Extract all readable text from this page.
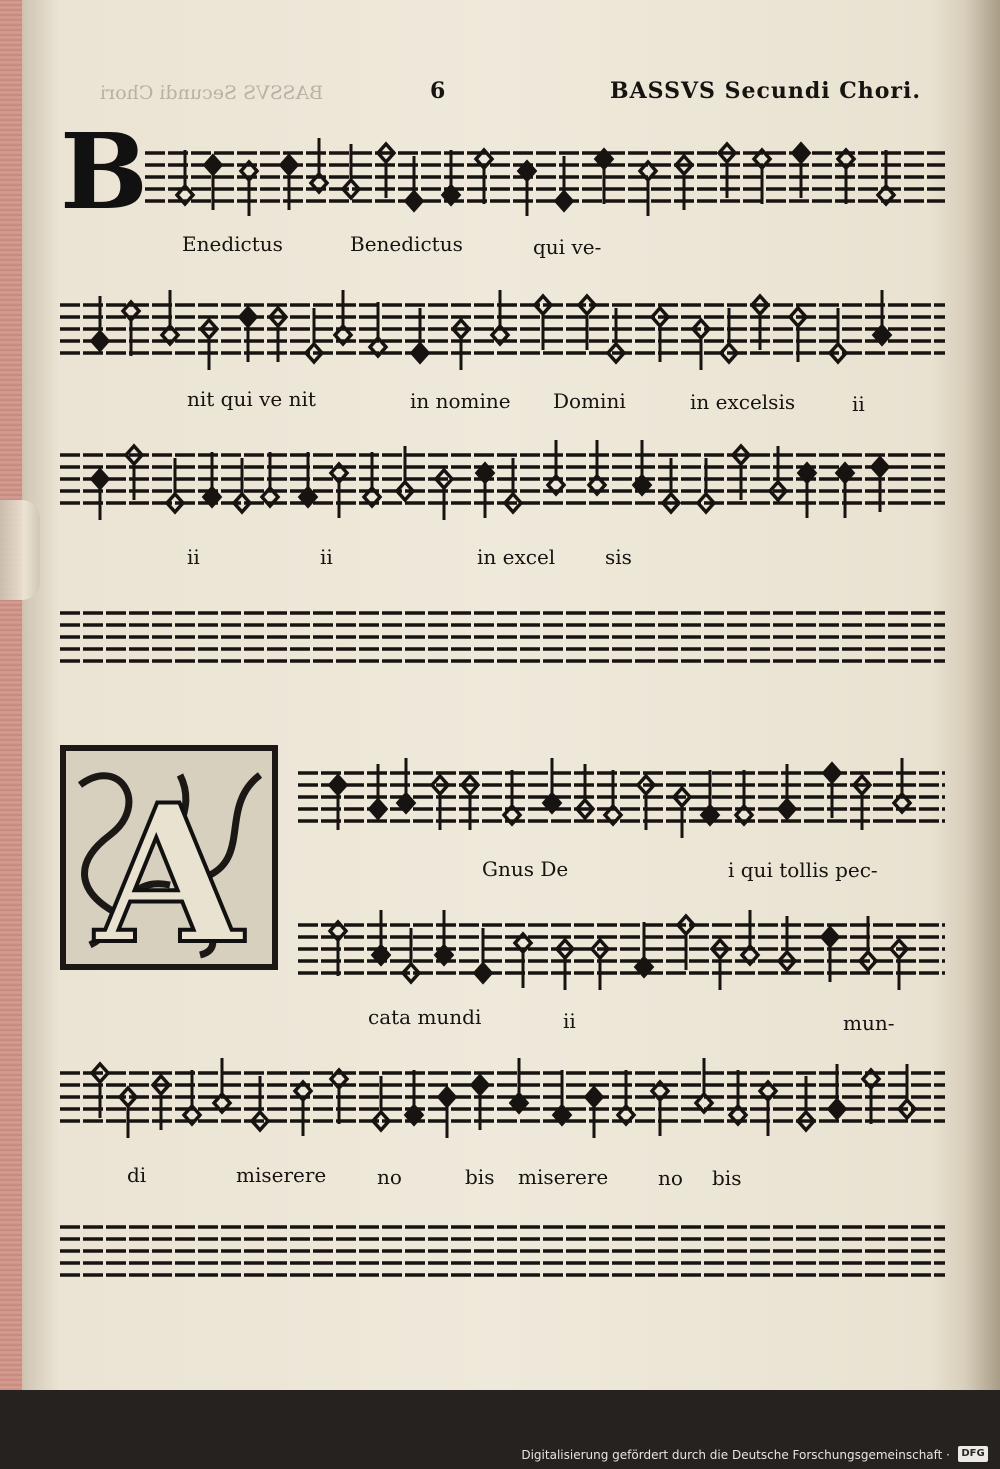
BASSVS Secundi Chori	6	BASSVS Secundi Chori.
B
A
Enedictus	Benedictus	qui ve-
nit qui ve nit	in nomine Domini	in excelsis	ii
ii	ii	in excel sis
Gnus De	i qui tollis pec-
cata mundi	ii	mun-
di	miserere	no	bis miserere no bis
Digitalisierung gefördert durch die Deutsche Forschungsgemeinschaft ·	DFG
